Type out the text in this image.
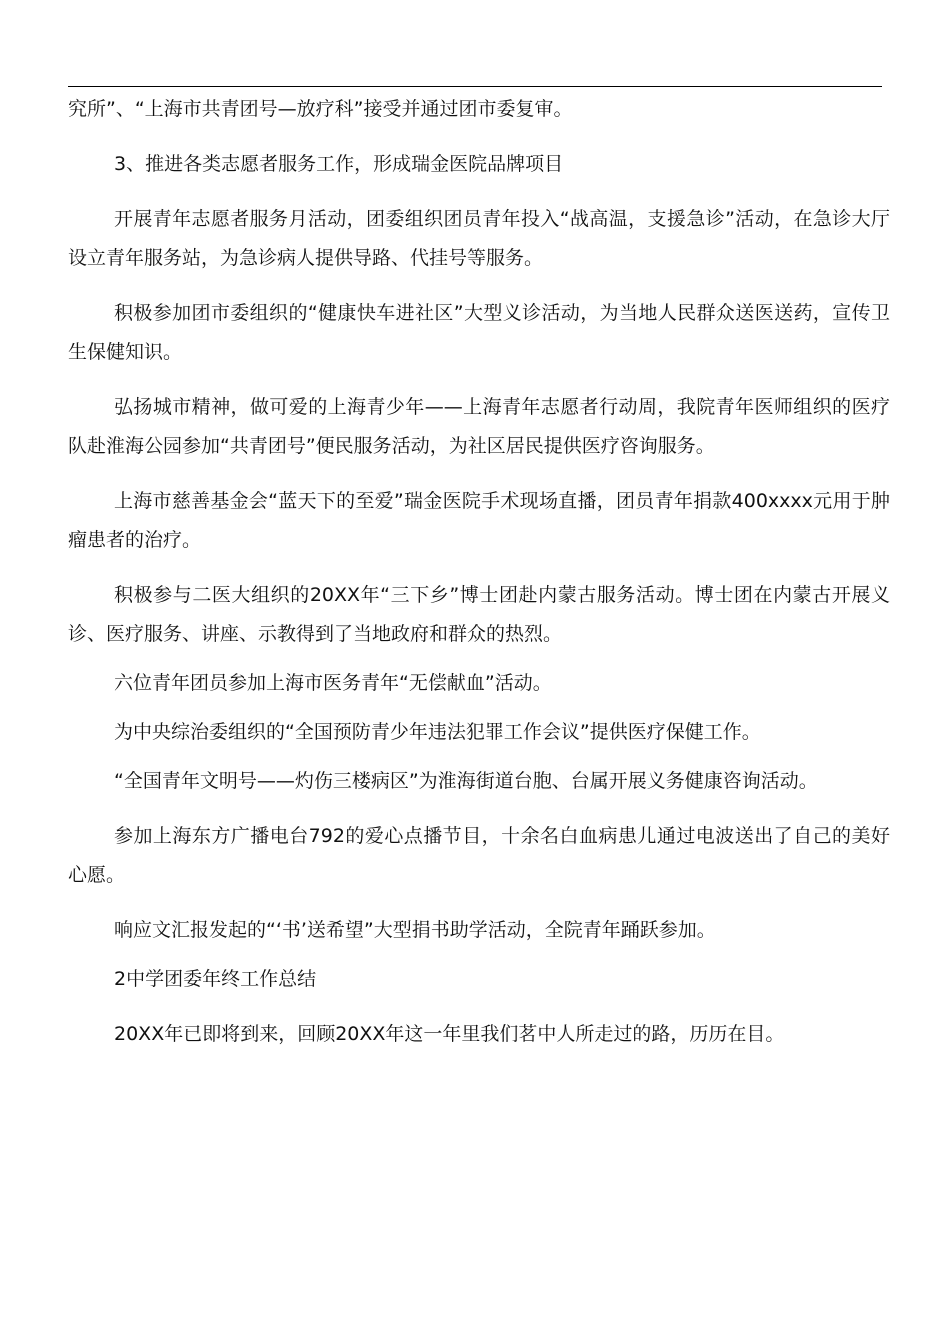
究所”、“上海市共青团号—放疗科”接受并通过团市委复审。

3、推进各类志愿者服务工作，形成瑞金医院品牌项目

开展青年志愿者服务月活动，团委组织团员青年投入“战高温，支援急诊”活动，在急诊大厅设立青年服务站，为急诊病人提供导路、代挂号等服务。

积极参加团市委组织的“健康快车进社区”大型义诊活动，为当地人民群众送医送药，宣传卫生保健知识。

弘扬城市精神，做可爱的上海青少年——上海青年志愿者行动周，我院青年医师组织的医疗队赴淮海公园参加“共青团号”便民服务活动，为社区居民提供医疗咨询服务。

上海市慈善基金会“蓝天下的至爱”瑞金医院手术现场直播，团员青年捐款400xxxx元用于肿瘤患者的治疗。

积极参与二医大组织的20XX年“三下乡”博士团赴内蒙古服务活动。博士团在内蒙古开展义诊、医疗服务、讲座、示教得到了当地政府和群众的热烈。

六位青年团员参加上海市医务青年“无偿献血”活动。

为中央综治委组织的“全国预防青少年违法犯罪工作会议”提供医疗保健工作。

“全国青年文明号——灼伤三楼病区”为淮海街道台胞、台属开展义务健康咨询活动。

参加上海东方广播电台792的爱心点播节目，十余名白血病患儿通过电波送出了自己的美好心愿。

响应文汇报发起的“‘书’送希望”大型捐书助学活动，全院青年踊跃参加。

2中学团委年终工作总结

20XX年已即将到来，回顾20XX年这一年里我们茗中人所走过的路，历历在目。
